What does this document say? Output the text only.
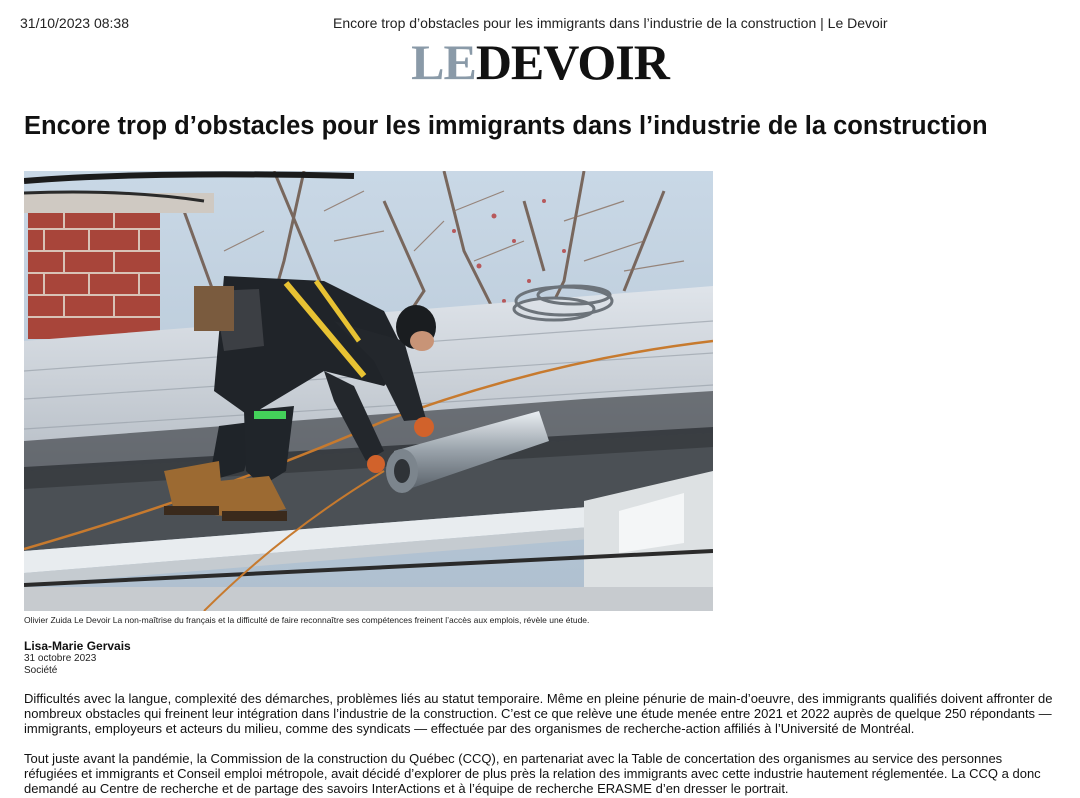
31/10/2023 08:38	Encore trop d’obstacles pour les immigrants dans l’industrie de la construction | Le Devoir
LEDEVOIR
Encore trop d’obstacles pour les immigrants dans l’industrie de la construction
Olivier Zuida Le Devoir La non-maîtrise du français et la difficulté de faire reconnaître ses compétences freinent l’accès aux emplois, révèle une étude.
Lisa-Marie Gervais
31 octobre 2023
Société

Difficultés avec la langue, complexité des démarches, problèmes liés au statut temporaire. Même en pleine pénurie de main-d’oeuvre, des immigrants qualifiés doivent affronter de nombreux obstacles qui freinent leur intégration dans l’industrie de la construction. C’est ce que relève une étude menée entre 2021 et 2022 auprès de quelque 250 répondants — immigrants, employeurs et acteurs du milieu, comme des syndicats — effectuée par des organismes de recherche-action affiliés à l’Université de Montréal.

Tout juste avant la pandémie, la Commission de la construction du Québec (CCQ), en partenariat avec la Table de concertation des organismes au service des personnes réfugiées et immigrants et Conseil emploi métropole, avait décidé d’explorer de plus près la relation des immigrants avec cette industrie hautement réglementée. La CCQ a donc demandé au Centre de recherche et de partage des savoirs InterActions et à l’équipe de recherche ERASME d’en dresser le portrait.
